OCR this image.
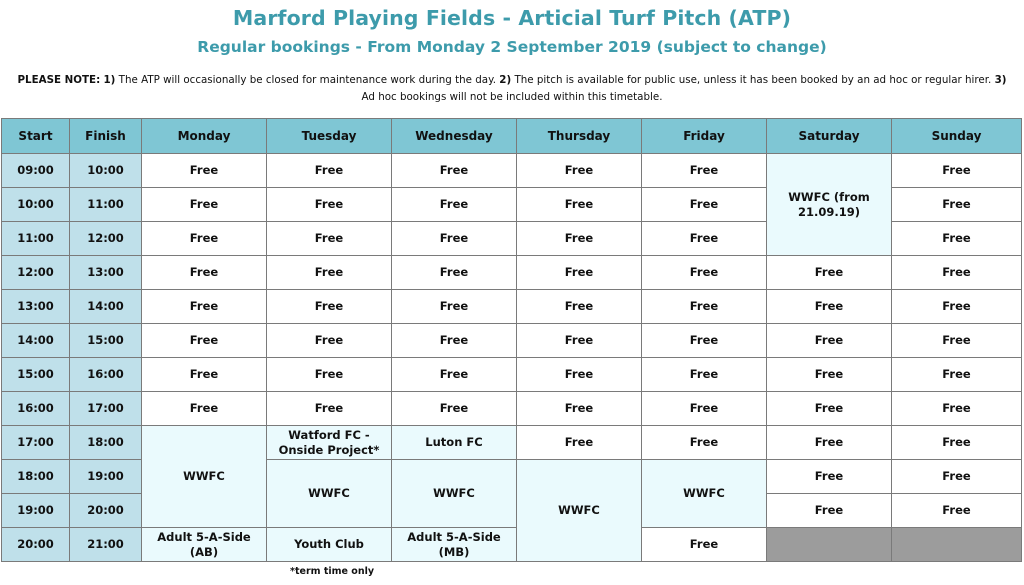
Marford Playing Fields - Articial Turf Pitch (ATP)
Regular bookings - From Monday 2 September 2019 (subject to change)
PLEASE NOTE: 1) The ATP will occasionally be closed for maintenance work during the day. 2) The pitch is available for public use, unless it has been booked by an ad hoc or regular hirer. 3) Ad hoc bookings will not be included within this timetable.
Start	Finish	Monday	Tuesday	Wednesday	Thursday	Friday	Saturday	Sunday
09:00	10:00	Free	Free	Free	Free	Free	WWFC (from 21.09.19)	Free
10:00	11:00	Free	Free	Free	Free	Free		Free
11:00	12:00	Free	Free	Free	Free	Free		Free
12:00	13:00	Free	Free	Free	Free	Free	Free	Free
13:00	14:00	Free	Free	Free	Free	Free	Free	Free
14:00	15:00	Free	Free	Free	Free	Free	Free	Free
15:00	16:00	Free	Free	Free	Free	Free	Free	Free
16:00	17:00	Free	Free	Free	Free	Free	Free	Free
17:00	18:00	WWFC	Watford FC - Onside Project*	Luton FC	Free	Free	Free	Free
18:00	19:00		WWFC	WWFC	WWFC	WWFC	Free	Free
19:00	20:00						Free	Free
20:00	21:00	Adult 5-A-Side (AB)	Youth Club	Adult 5-A-Side (MB)		Free		
*term time only
